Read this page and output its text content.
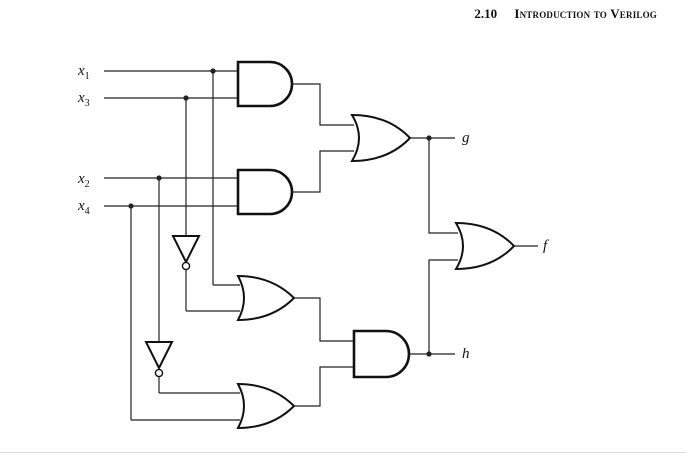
2.10 Introduction to Verilog
$x_1$
$x_3$
$x_2$
$x_4$
g
h
f
